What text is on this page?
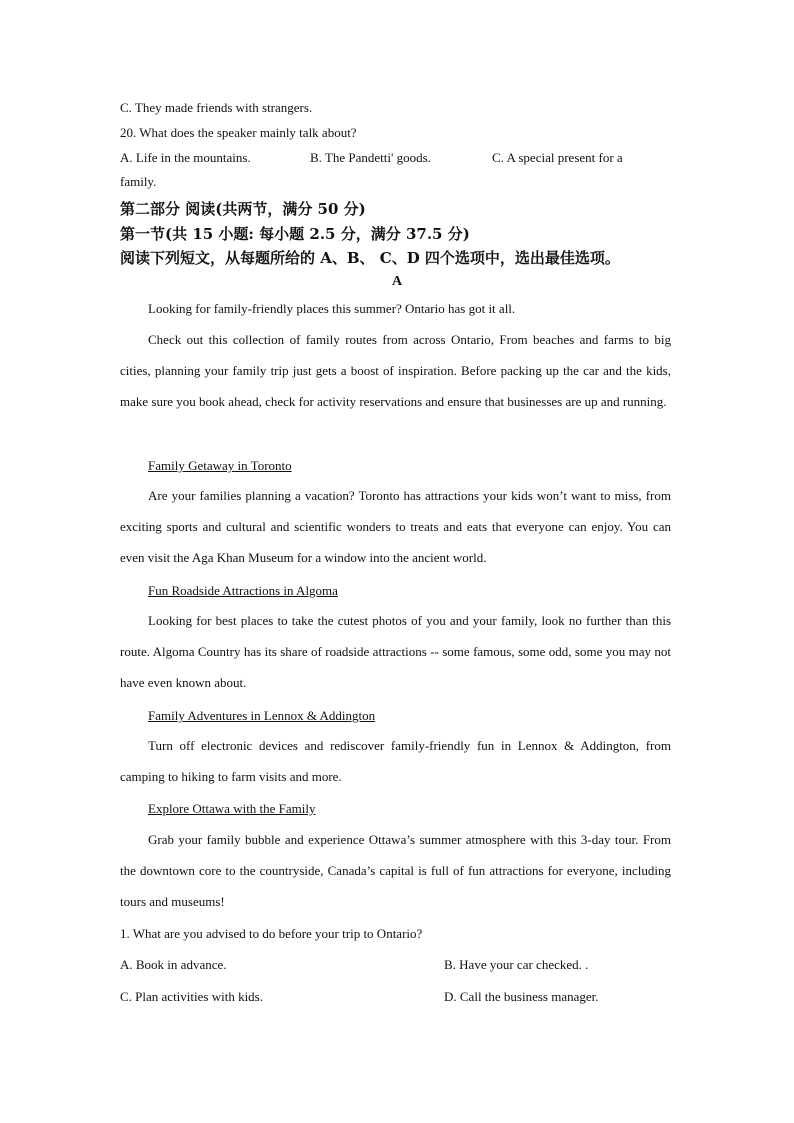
C. They made friends with strangers.
20. What does the speaker mainly talk about?
A. Life in the mountains.	B. The Pandetti' goods.	C. A special present for a
family.
第二部分 阅读(共两节，满分 50 分)
第一节(共 15 小题: 每小题 2.5 分，满分 37.5 分)
阅读下列短文，从每题所给的 A、B、 C、D 四个选项中，选出最佳选项。
A
Looking for family-friendly places this summer? Ontario has got it all.
Check out this collection of family routes from across Ontario, From beaches and farms to big cities, planning your family trip just gets a boost of inspiration. Before packing up the car and the kids, make sure you book ahead, check for activity reservations and ensure that businesses are up and running.
Family Getaway in Toronto
Are your families planning a vacation? Toronto has attractions your kids won’t want to miss, from exciting sports and cultural and scientific wonders to treats and eats that everyone can enjoy. You can even visit the Aga Khan Museum for a window into the ancient world.
Fun Roadside Attractions in Algoma
Looking for best places to take the cutest photos of you and your family, look no further than this route. Algoma Country has its share of roadside attractions -- some famous, some odd, some you may not have even known about.
Family Adventures in Lennox & Addington
Turn off electronic devices and rediscover family-friendly fun in Lennox & Addington, from camping to hiking to farm visits and more.
Explore Ottawa with the Family
Grab your family bubble and experience Ottawa’s summer atmosphere with this 3-day tour. From the downtown core to the countryside, Canada’s capital is full of fun attractions for everyone, including tours and museums!
1. What are you advised to do before your trip to Ontario?
A. Book in advance.	B. Have your car checked. .
C. Plan activities with kids.	D. Call the business manager.
